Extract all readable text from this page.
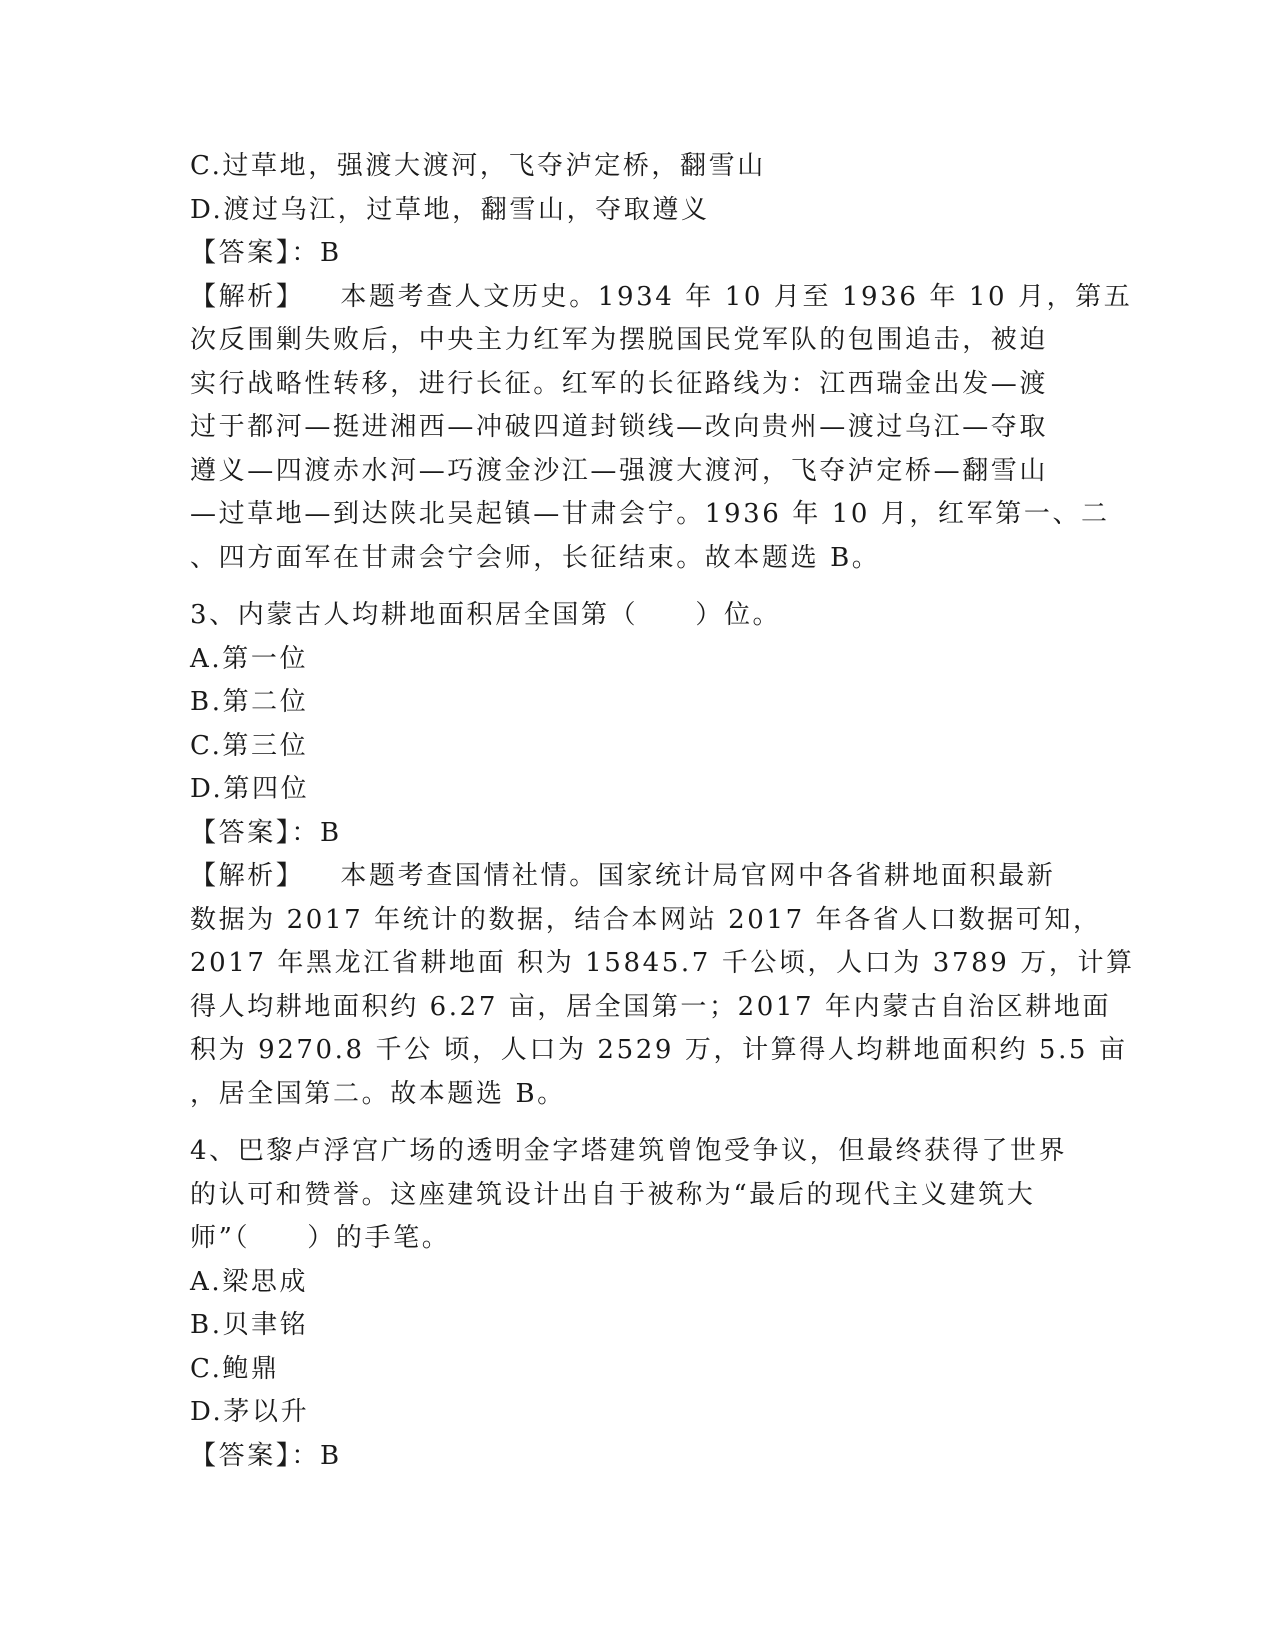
C.过草地，强渡大渡河，飞夺泸定桥，翻雪山
D.渡过乌江，过草地，翻雪山，夺取遵义
【答案】：B
【解析】 本题考查人文历史。1934 年 10 月至 1936 年 10 月，第五
次反围剿失败后，中央主力红军为摆脱国民党军队的包围追击，被迫
实行战略性转移，进行长征。红军的长征路线为：江西瑞金出发—渡
过于都河—挺进湘西—冲破四道封锁线—改向贵州—渡过乌江—夺取
遵义—四渡赤水河—巧渡金沙江—强渡大渡河，飞夺泸定桥—翻雪山
—过草地—到达陕北吴起镇—甘肃会宁。1936 年 10 月，红军第一、二
、四方面军在甘肃会宁会师，长征结束。故本题选 B。
3、内蒙古人均耕地面积居全国第（　　）位。
A.第一位
B.第二位
C.第三位
D.第四位
【答案】：B
【解析】 本题考查国情社情。国家统计局官网中各省耕地面积最新
数据为 2017 年统计的数据，结合本网站 2017 年各省人口数据可知，
2017 年黑龙江省耕地面 积为 15845.7 千公顷，人口为 3789 万，计算
得人均耕地面积约 6.27 亩，居全国第一；2017 年内蒙古自治区耕地面
积为 9270.8 千公 顷，人口为 2529 万，计算得人均耕地面积约 5.5 亩
，居全国第二。故本题选 B。
4、巴黎卢浮宫广场的透明金字塔建筑曾饱受争议，但最终获得了世界
的认可和赞誉。这座建筑设计出自于被称为“最后的现代主义建筑大
师”（　　）的手笔。
A.梁思成
B.贝聿铭
C.鲍鼎
D.茅以升
【答案】：B
